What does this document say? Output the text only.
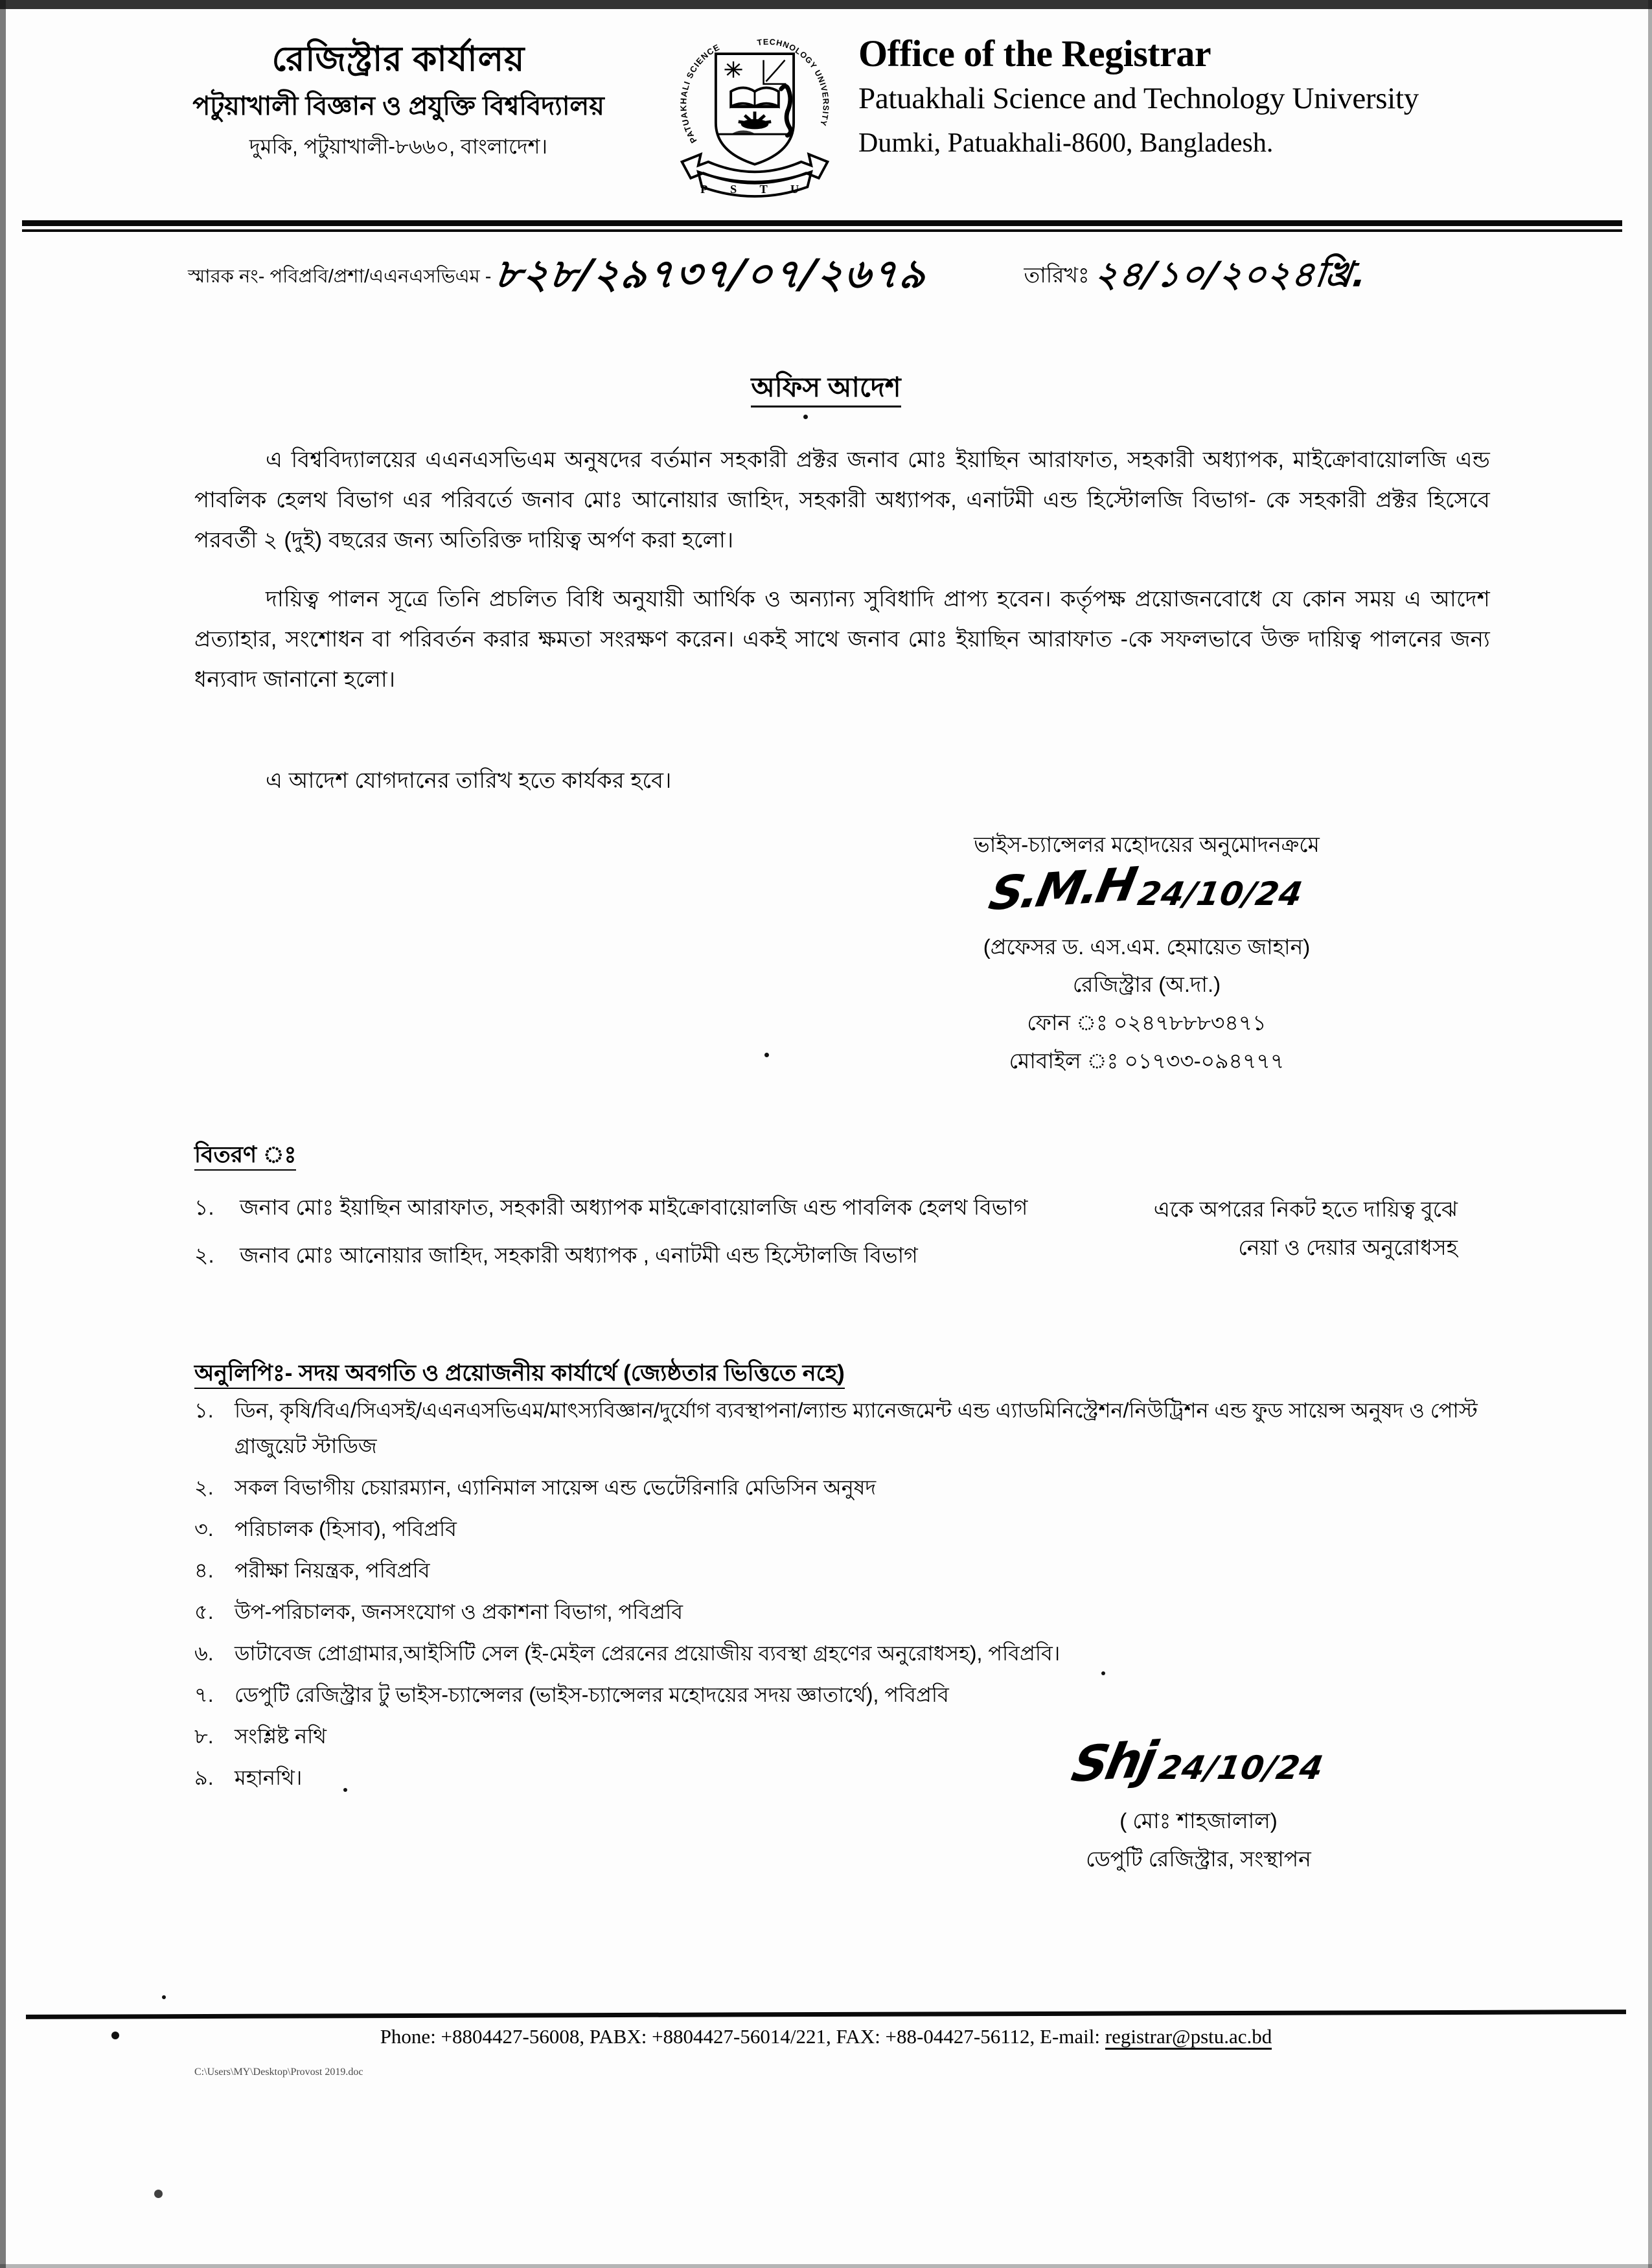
রেজিস্ট্রার কার্যালয়
পটুয়াখালী বিজ্ঞান ও প্রযুক্তি বিশ্ববিদ্যালয়
দুমকি, পটুয়াখালী-৮৬৬০, বাংলাদেশ।	PATUAKHALI SCIENCE	TECHNOLOGY UNIVERSITY
P S T U
Office of the Registrar
Patuakhali Science and Technology University
Dumki, Patuakhali-8600, Bangladesh.
স্মারক নং- পবিপ্রবি/প্রশা/এএনএসভিএম - ৮২৮/২৯৭৩৭/০৭/২৬৭৯	তারিখঃ ২৪/১০/২০২৪খ্রি.
অফিস আদেশ
এ বিশ্ববিদ্যালয়ের এএনএসভিএম অনুষদের বর্তমান সহকারী প্রক্টর জনাব মোঃ ইয়াছিন আরাফাত, সহকারী অধ্যাপক, মাইক্রোবায়োলজি এন্ড পাবলিক হেলথ বিভাগ এর পরিবর্তে জনাব মোঃ আনোয়ার জাহিদ, সহকারী অধ্যাপক, এনাটমী এন্ড হিস্টোলজি বিভাগ- কে সহকারী প্রক্টর হিসেবে পরবর্তী ২ (দুই) বছরের জন্য অতিরিক্ত দায়িত্ব অর্পণ করা হলো।
দায়িত্ব পালন সূত্রে তিনি প্রচলিত বিধি অনুযায়ী আর্থিক ও অন্যান্য সুবিধাদি প্রাপ্য হবেন। কর্তৃপক্ষ প্রয়োজনবোধে যে কোন সময় এ আদেশ প্রত্যাহার, সংশোধন বা পরিবর্তন করার ক্ষমতা সংরক্ষণ করেন। একই সাথে জনাব মোঃ ইয়াছিন আরাফাত -কে সফলভাবে উক্ত দায়িত্ব পালনের জন্য ধন্যবাদ জানানো হলো।
এ আদেশ যোগদানের তারিখ হতে কার্যকর হবে।
ভাইস-চ্যান্সেলর মহোদয়ের অনুমোদনক্রমে
S.M.H 24/10/24
(প্রফেসর ড. এস.এম. হেমায়েত জাহান)
রেজিস্ট্রার (অ.দা.)
ফোন ঃ ০২৪৭৮৮৮৩৪৭১
মোবাইল ঃ ০১৭৩৩-০৯৪৭৭৭
বিতরণ ঃ
১.	জনাব মোঃ ইয়াছিন আরাফাত, সহকারী অধ্যাপক মাইক্রোবায়োলজি এন্ড পাবলিক হেলথ বিভাগ
২.	জনাব মোঃ আনোয়ার জাহিদ, সহকারী অধ্যাপক , এনাটমী এন্ড হিস্টোলজি বিভাগ
একে অপরের নিকট হতে দায়িত্ব বুঝে
নেয়া ও দেয়ার অনুরোধসহ
অনুলিপিঃ- সদয় অবগতি ও প্রয়োজনীয় কার্যার্থে (জ্যেষ্ঠতার ভিত্তিতে নহে)
১.	ডিন, কৃষি/বিএ/সিএসই/এএনএসভিএম/মাৎস্যবিজ্ঞান/দুর্যোগ ব্যবস্থাপনা/ল্যান্ড ম্যানেজমেন্ট এন্ড এ্যাডমিনিস্ট্রেশন/নিউট্রিশন এন্ড ফুড সায়েন্স অনুষদ ও পোস্ট গ্রাজুয়েট স্টাডিজ
২.	সকল বিভাগীয় চেয়ারম্যান, এ্যানিমাল সায়েন্স এন্ড ভেটেরিনারি মেডিসিন অনুষদ
৩.	পরিচালক (হিসাব), পবিপ্রবি
৪.	পরীক্ষা নিয়ন্ত্রক, পবিপ্রবি
৫.	উপ-পরিচালক, জনসংযোগ ও প্রকাশনা বিভাগ, পবিপ্রবি
৬.	ডাটাবেজ প্রোগ্রামার,আইসিটি সেল (ই-মেইল প্রেরনের প্রয়োজীয় ব্যবস্থা গ্রহণের অনুরোধসহ), পবিপ্রবি।
৭.	ডেপুটি রেজিস্ট্রার টু ভাইস-চ্যান্সেলর (ভাইস-চ্যান্সেলর মহোদয়ের সদয় জ্ঞাতার্থে), পবিপ্রবি
৮.	সংশ্লিষ্ট নথি
৯.	মহানথি।	Shj 24/10/24
( মোঃ শাহজালাল)
ডেপুটি রেজিস্ট্রার, সংস্থাপন
Phone: +8804427-56008, PABX: +8804427-56014/221, FAX: +88-04427-56112, E-mail: registrar@pstu.ac.bd
C:\Users\MY\Desktop\Provost 2019.doc
